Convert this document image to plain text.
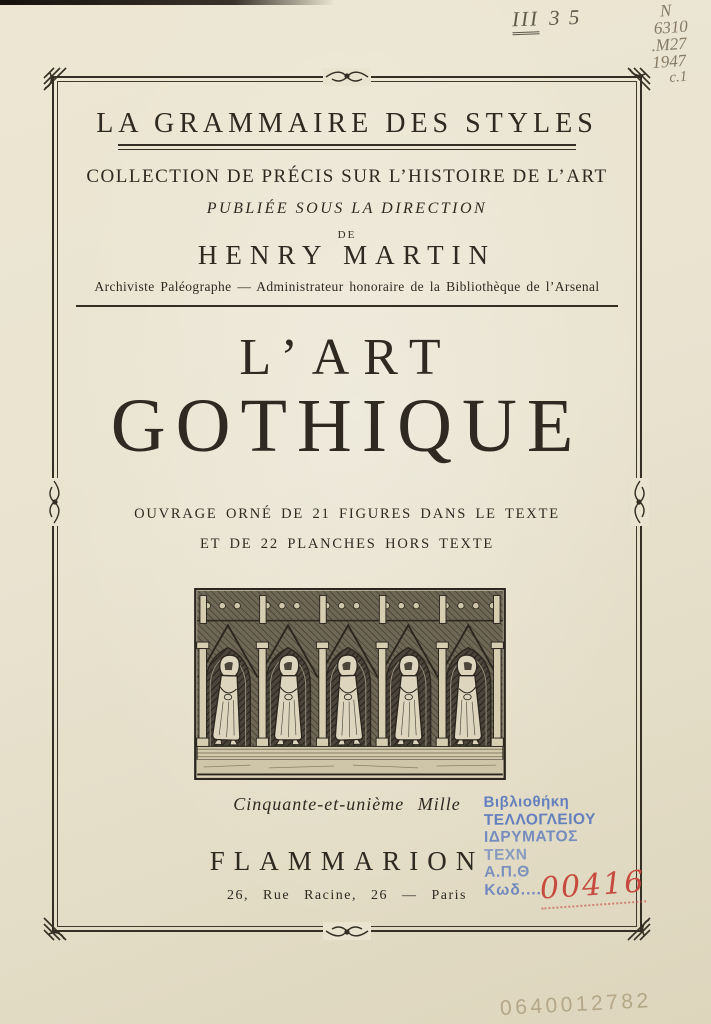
III 3 5	N
6310
.M27
1947
c.1
LA GRAMMAIRE DES STYLES
COLLECTION DE PRÉCIS SUR L’HISTOIRE DE L’ART
PUBLIÉE SOUS LA DIRECTION
DE
HENRY MARTIN
Archiviste Paléographe — Administrateur honoraire de la Bibliothèque de l’Arsenal
L’ART
GOTHIQUE
OUVRAGE ORNÉ DE 21 FIGURES DANS LE TEXTE
ET DE 22 PLANCHES HORS TEXTE
Cinquante-et-unième Mille
FLAMMARION
26, Rue Racine, 26 — Paris
Βιβλιοθήκη
ΤΕΛΛΟΓΛΕΙΟΥ
ΙΔΡΥΜΑΤΟΣ
ΤΕΧΝ
Α.Π.Θ
Κωδ....
00416
0640012782
